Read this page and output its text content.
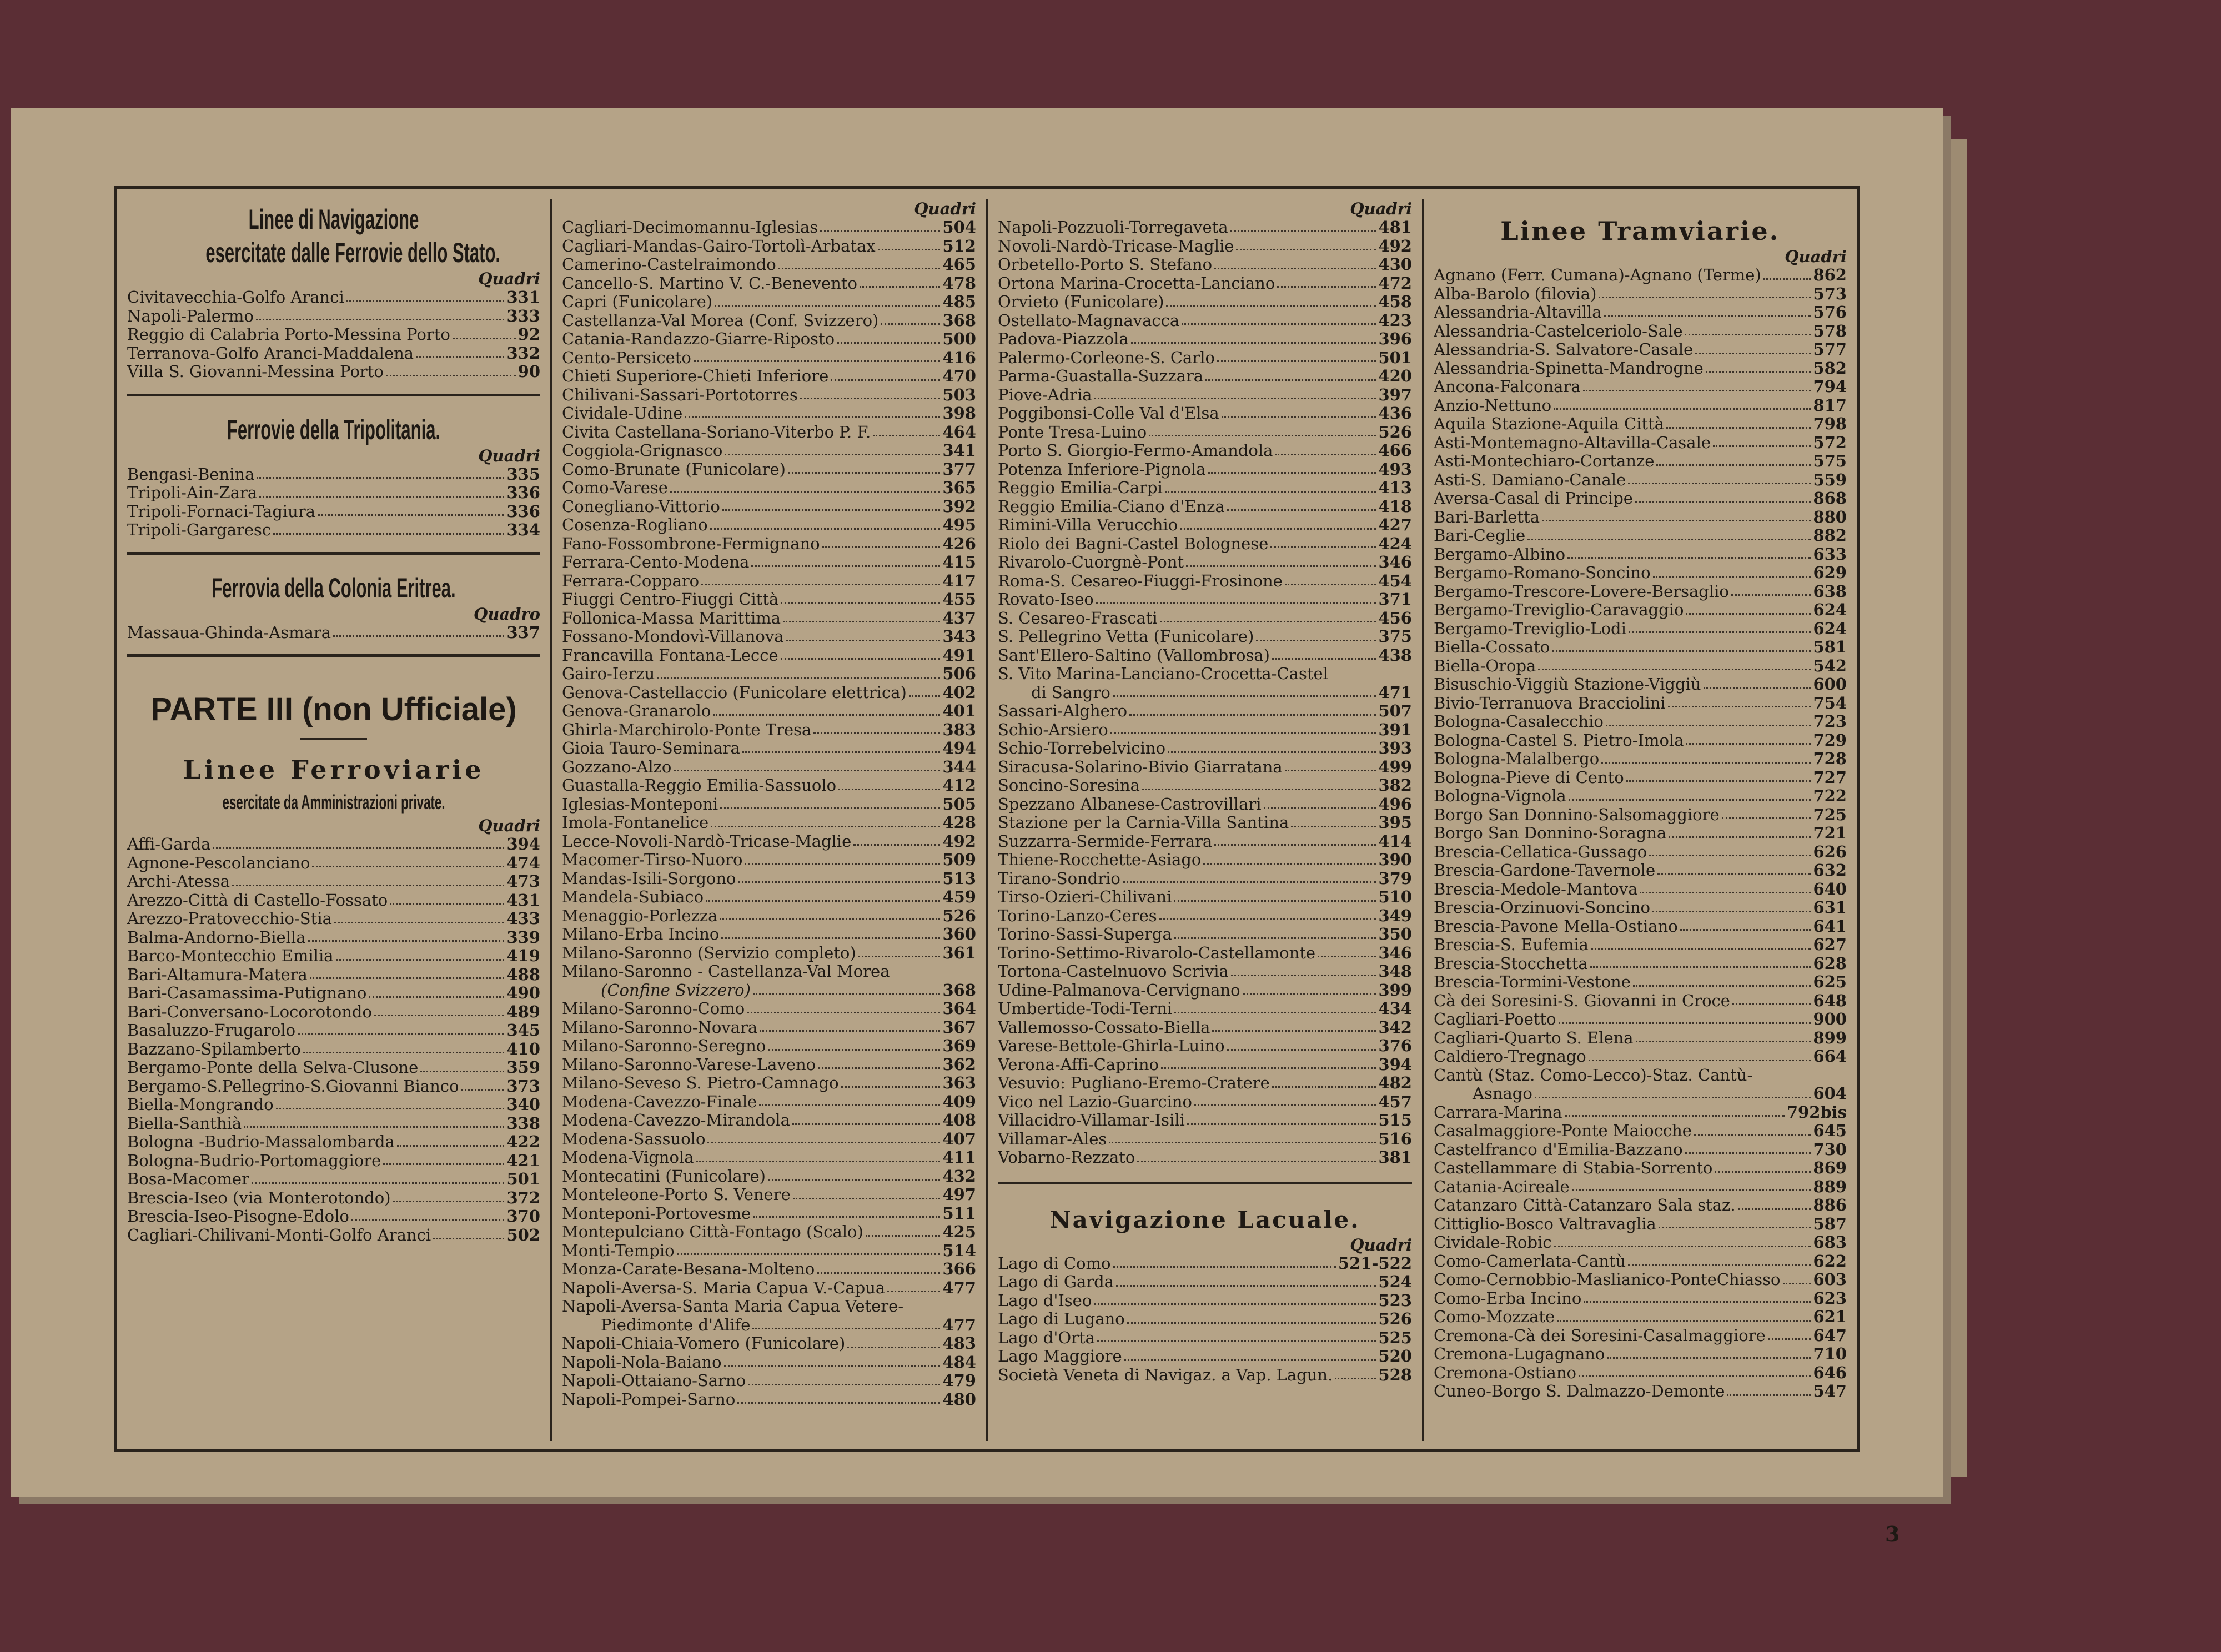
Linee di Navigazione
esercitate dalle Ferrovie dello Stato.
Quadri
Civitavecchia-Golfo Aranci	331
Napoli-Palermo	333
Reggio di Calabria Porto-Messina Porto	92
Terranova-Golfo Aranci-Maddalena	332
Villa S. Giovanni-Messina Porto	90
Ferrovie della Tripolitania.
Quadri
Bengasi-Benina	335
Tripoli-Ain-Zara	336
Tripoli-Fornaci-Tagiura	336
Tripoli-Gargaresc	334
Ferrovia della Colonia Eritrea.
Quadro
Massaua-Ghinda-Asmara	337
PARTE III (non Ufficiale)
Linee Ferroviarie
esercitate da Amministrazioni private.
Quadri
Affi-Garda	394
Agnone-Pescolanciano	474
Archi-Atessa	473
Arezzo-Città di Castello-Fossato	431
Arezzo-Pratovecchio-Stia	433
Balma-Andorno-Biella	339
Barco-Montecchio Emilia	419
Bari-Altamura-Matera	488
Bari-Casamassima-Putignano	490
Bari-Conversano-Locorotondo	489
Basaluzzo-Frugarolo	345
Bazzano-Spilamberto	410
Bergamo-Ponte della Selva-Clusone	359
Bergamo-S.Pellegrino-S.Giovanni Bianco	373
Biella-Mongrando	340
Biella-Santhià	338
Bologna -Budrio-Massalombarda	422
Bologna-Budrio-Portomaggiore	421
Bosa-Macomer	501
Brescia-Iseo (via Monterotondo)	372
Brescia-Iseo-Pisogne-Edolo	370
Cagliari-Chilivani-Monti-Golfo Aranci	502
Quadri
Cagliari-Decimomannu-Iglesias	504
Cagliari-Mandas-Gairo-Tortolì-Arbatax	512
Camerino-Castelraimondo	465
Cancello-S. Martino V. C.-Benevento	478
Capri (Funicolare)	485
Castellanza-Val Morea (Conf. Svizzero)	368
Catania-Randazzo-Giarre-Riposto	500
Cento-Persiceto	416
Chieti Superiore-Chieti Inferiore	470
Chilivani-Sassari-Portotorres	503
Cividale-Udine	398
Civita Castellana-Soriano-Viterbo P. F.	464
Coggiola-Grignasco	341
Como-Brunate (Funicolare)	377
Como-Varese	365
Conegliano-Vittorio	392
Cosenza-Rogliano	495
Fano-Fossombrone-Fermignano	426
Ferrara-Cento-Modena	415
Ferrara-Copparo	417
Fiuggi Centro-Fiuggi Città	455
Follonica-Massa Marittima	437
Fossano-Mondovì-Villanova	343
Francavilla Fontana-Lecce	491
Gairo-Ierzu	506
Genova-Castellaccio (Funicolare elettrica) 402
Genova-Granarolo	401
Ghirla-Marchirolo-Ponte Tresa	383
Gioia Tauro-Seminara	494
Gozzano-Alzo	344
Guastalla-Reggio Emilia-Sassuolo	412
Iglesias-Monteponi	505
Imola-Fontanelice	428
Lecce-Novoli-Nardò-Tricase-Maglie	492
Macomer-Tirso-Nuoro	509
Mandas-Isili-Sorgono	513
Mandela-Subiaco	459
Menaggio-Porlezza	526
Milano-Erba Incino	360
Milano-Saronno (Servizio completo)	361
Milano-Saronno - Castellanza-Val Morea
(Confine Svizzero)	368
Milano-Saronno-Como	364
Milano-Saronno-Novara	367
Milano-Saronno-Seregno	369
Milano-Saronno-Varese-Laveno	362
Milano-Seveso S. Pietro-Camnago	363
Modena-Cavezzo-Finale	409
Modena-Cavezzo-Mirandola	408
Modena-Sassuolo	407
Modena-Vignola	411
Montecatini (Funicolare)	432
Monteleone-Porto S. Venere	497
Monteponi-Portovesme	511
Montepulciano Città-Fontago (Scalo)	425
Monti-Tempio	514
Monza-Carate-Besana-Molteno	366
Napoli-Aversa-S. Maria Capua V.-Capua	477
Napoli-Aversa-Santa Maria Capua Vetere-
Piedimonte d'Alife	477
Napoli-Chiaia-Vomero (Funicolare)	483
Napoli-Nola-Baiano	484
Napoli-Ottaiano-Sarno	479
Napoli-Pompei-Sarno	480
Quadri
Napoli-Pozzuoli-Torregaveta	481
Novoli-Nardò-Tricase-Maglie	492
Orbetello-Porto S. Stefano	430
Ortona Marina-Crocetta-Lanciano	472
Orvieto (Funicolare)	458
Ostellato-Magnavacca	423
Padova-Piazzola	396
Palermo-Corleone-S. Carlo	501
Parma-Guastalla-Suzzara	420
Piove-Adria	397
Poggibonsi-Colle Val d'Elsa	436
Ponte Tresa-Luino	526
Porto S. Giorgio-Fermo-Amandola	466
Potenza Inferiore-Pignola	493
Reggio Emilia-Carpi	413
Reggio Emilia-Ciano d'Enza	418
Rimini-Villa Verucchio	427
Riolo dei Bagni-Castel Bolognese	424
Rivarolo-Cuorgnè-Pont	346
Roma-S. Cesareo-Fiuggi-Frosinone	454
Rovato-Iseo	371
S. Cesareo-Frascati	456
S. Pellegrino Vetta (Funicolare)	375
Sant'Ellero-Saltino (Vallombrosa)	438
S. Vito Marina-Lanciano-Crocetta-Castel
di Sangro	471
Sassari-Alghero	507
Schio-Arsiero	391
Schio-Torrebelvicino	393
Siracusa-Solarino-Bivio Giarratana	499
Soncino-Soresina	382
Spezzano Albanese-Castrovillari	496
Stazione per la Carnia-Villa Santina	395
Suzzarra-Sermide-Ferrara	414
Thiene-Rocchette-Asiago	390
Tirano-Sondrio	379
Tirso-Ozieri-Chilivani	510
Torino-Lanzo-Ceres	349
Torino-Sassi-Superga	350
Torino-Settimo-Rivarolo-Castellamonte	346
Tortona-Castelnuovo Scrivia	348
Udine-Palmanova-Cervignano	399
Umbertide-Todi-Terni	434
Vallemosso-Cossato-Biella	342
Varese-Bettole-Ghirla-Luino	376
Verona-Affi-Caprino	394
Vesuvio: Pugliano-Eremo-Cratere	482
Vico nel Lazio-Guarcino	457
Villacidro-Villamar-Isili	515
Villamar-Ales	516
Vobarno-Rezzato	381
Navigazione Lacuale.
Quadri
Lago di Como	521-522
Lago di Garda	524
Lago d'Iseo	523
Lago di Lugano	526
Lago d'Orta	525
Lago Maggiore	520
Società Veneta di Navigaz. a Vap. Lagun.	528
Linee Tramviarie.
Quadri
Agnano (Ferr. Cumana)-Agnano (Terme)	862
Alba-Barolo (filovia)	573
Alessandria-Altavilla	576
Alessandria-Castelceriolo-Sale	578
Alessandria-S. Salvatore-Casale	577
Alessandria-Spinetta-Mandrogne	582
Ancona-Falconara	794
Anzio-Nettuno	817
Aquila Stazione-Aquila Città	798
Asti-Montemagno-Altavilla-Casale	572
Asti-Montechiaro-Cortanze	575
Asti-S. Damiano-Canale	559
Aversa-Casal di Principe	868
Bari-Barletta	880
Bari-Ceglie	882
Bergamo-Albino	633
Bergamo-Romano-Soncino	629
Bergamo-Trescore-Lovere-Bersaglio	638
Bergamo-Treviglio-Caravaggio	624
Bergamo-Treviglio-Lodi	624
Biella-Cossato	581
Biella-Oropa	542
Bisuschio-Viggiù Stazione-Viggiù	600
Bivio-Terranuova Bracciolini	754
Bologna-Casalecchio	723
Bologna-Castel S. Pietro-Imola	729
Bologna-Malalbergo	728
Bologna-Pieve di Cento	727
Bologna-Vignola	722
Borgo San Donnino-Salsomaggiore	725
Borgo San Donnino-Soragna	721
Brescia-Cellatica-Gussago	626
Brescia-Gardone-Tavernole	632
Brescia-Medole-Mantova	640
Brescia-Orzinuovi-Soncino	631
Brescia-Pavone Mella-Ostiano	641
Brescia-S. Eufemia	627
Brescia-Stocchetta	628
Brescia-Tormini-Vestone	625
Cà dei Soresini-S. Giovanni in Croce	648
Cagliari-Poetto	900
Cagliari-Quarto S. Elena	899
Caldiero-Tregnago	664
Cantù (Staz. Como-Lecco)-Staz. Cantù-
Asnago	604
Carrara-Marina	792bis
Casalmaggiore-Ponte Maiocche	645
Castelfranco d'Emilia-Bazzano	730
Castellammare di Stabia-Sorrento	869
Catania-Acireale	889
Catanzaro Città-Catanzaro Sala staz.	886
Cittiglio-Bosco Valtravaglia	587
Cividale-Robic	683
Como-Camerlata-Cantù	622
Como-Cernobbio-Maslianico-PonteChiasso 603
Como-Erba Incino	623
Como-Mozzate	621
Cremona-Cà dei Soresini-Casalmaggiore	647
Cremona-Lugagnano	710
Cremona-Ostiano	646
Cuneo-Borgo S. Dalmazzo-Demonte	547
3
